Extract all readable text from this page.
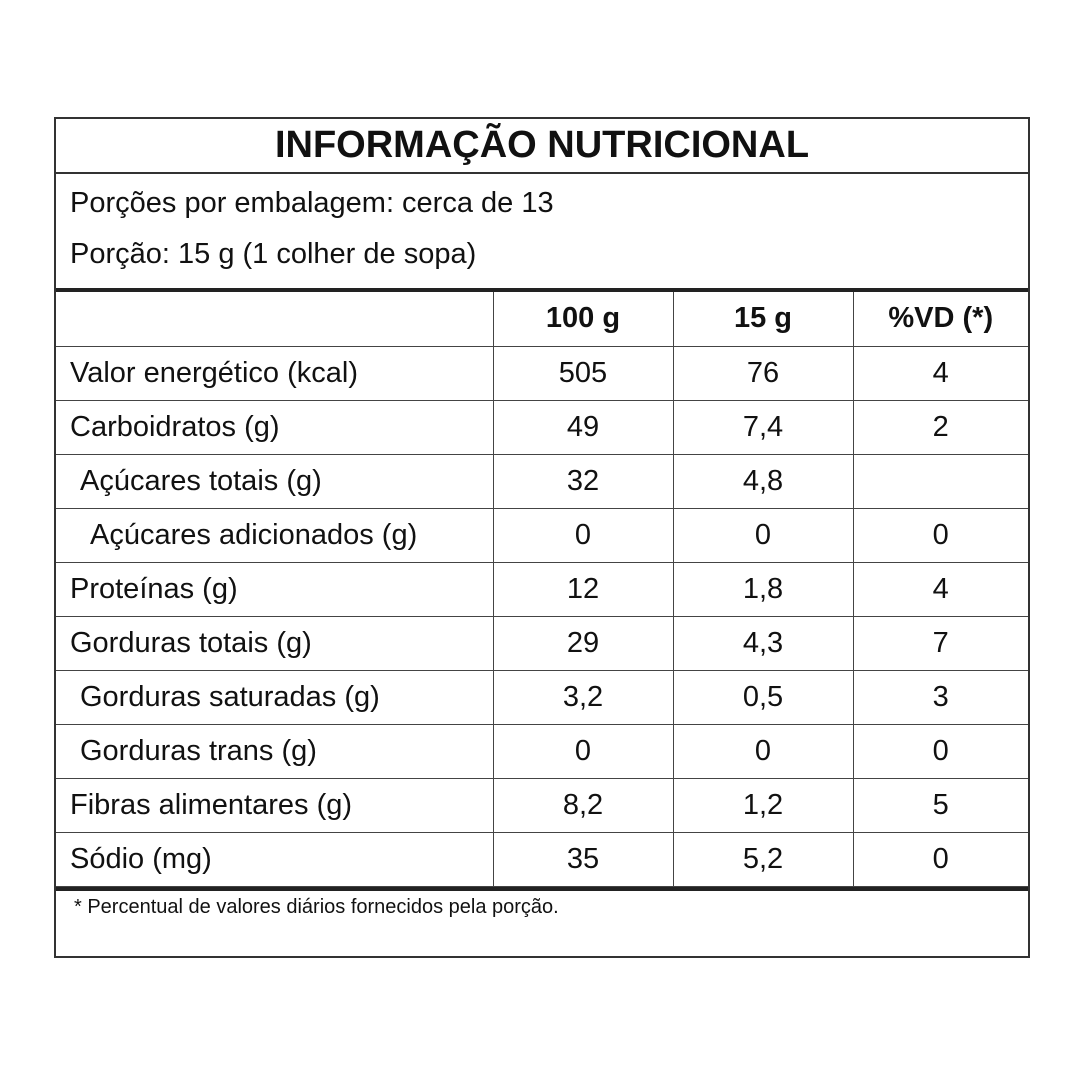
INFORMAÇÃO NUTRICIONAL
Porções por embalagem: cerca de 13
Porção: 15 g (1 colher de sopa)
	100 g	15 g	%VD (*)
Valor energético (kcal)	505	76	4
Carboidratos (g)	49	7,4	2
Açúcares totais (g)	32	4,8	
Açúcares adicionados (g)	0	0	0
Proteínas (g)	12	1,8	4
Gorduras totais (g)	29	4,3	7
Gorduras saturadas (g)	3,2	0,5	3
Gorduras trans (g)	0	0	0
Fibras alimentares (g)	8,2	1,2	5
Sódio (mg)	35	5,2	0
* Percentual de valores diários fornecidos pela porção.
